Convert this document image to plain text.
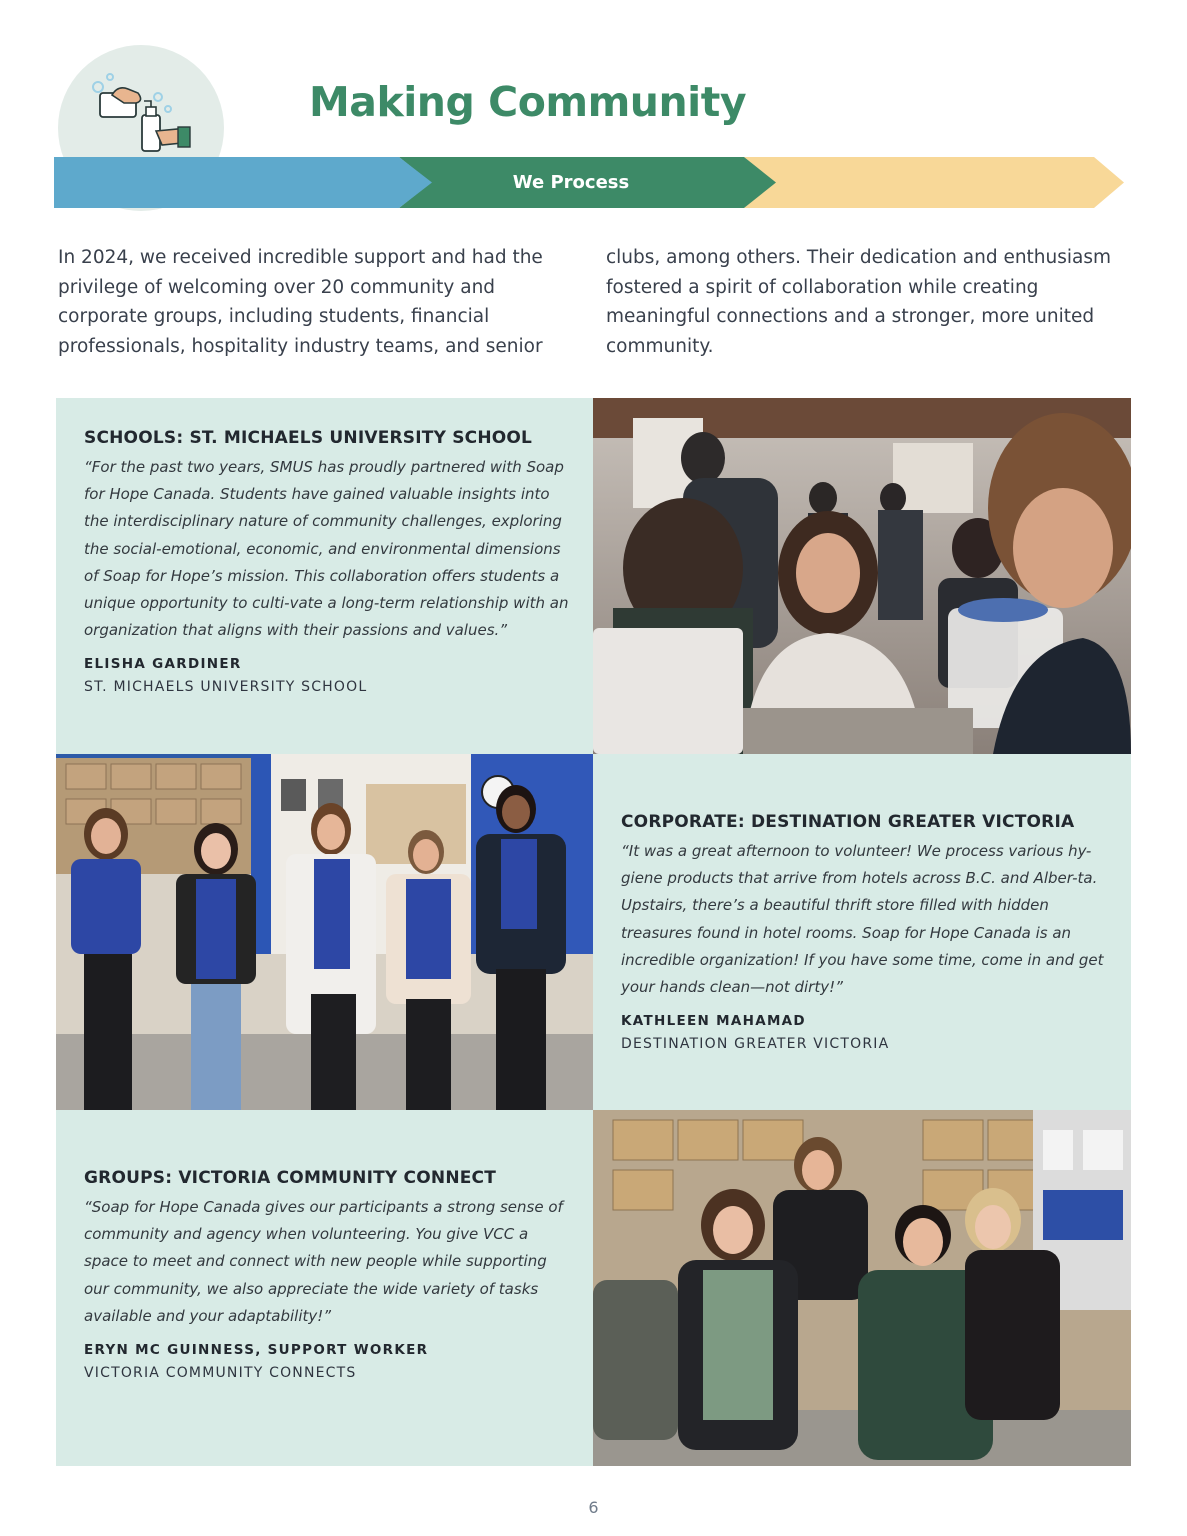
Making Community
We Process
In 2024, we received incredible support and had the privilege of welcoming over 20 community and corporate groups, including students, financial professionals, hospitality industry teams, and senior
clubs, among others. Their dedication and enthusiasm fostered a spirit of collaboration while creating meaningful connections and a stronger, more united community.
SCHOOLS: ST. MICHAELS UNIVERSITY SCHOOL
“For the past two years, SMUS has proudly partnered with Soap for Hope Canada. Students have gained valuable insights into the interdisciplinary nature of community challenges, exploring the social-emotional, economic, and environmental dimensions of Soap for Hope’s mission. This collaboration offers students a unique opportunity to culti-vate a long-term relationship with an organization that aligns with their passions and values.”
ELISHA GARDINER
ST. MICHAELS UNIVERSITY SCHOOL
CORPORATE: DESTINATION GREATER VICTORIA
“It was a great afternoon to volunteer! We process various hy-giene products that arrive from hotels across B.C. and Alber-ta. Upstairs, there’s a beautiful thrift store filled with hidden treasures found in hotel rooms. Soap for Hope Canada is an incredible organization! If you have some time, come in and get your hands clean—not dirty!”
KATHLEEN MAHAMAD
DESTINATION GREATER VICTORIA
GROUPS: VICTORIA COMMUNITY CONNECT
“Soap for Hope Canada gives our participants a strong sense of community and agency when volunteering. You give VCC a space to meet and connect with new people while supporting our community, we also appreciate the wide variety of tasks available and your adaptability!”
ERYN MC GUINNESS, SUPPORT WORKER
VICTORIA COMMUNITY CONNECTS
6
